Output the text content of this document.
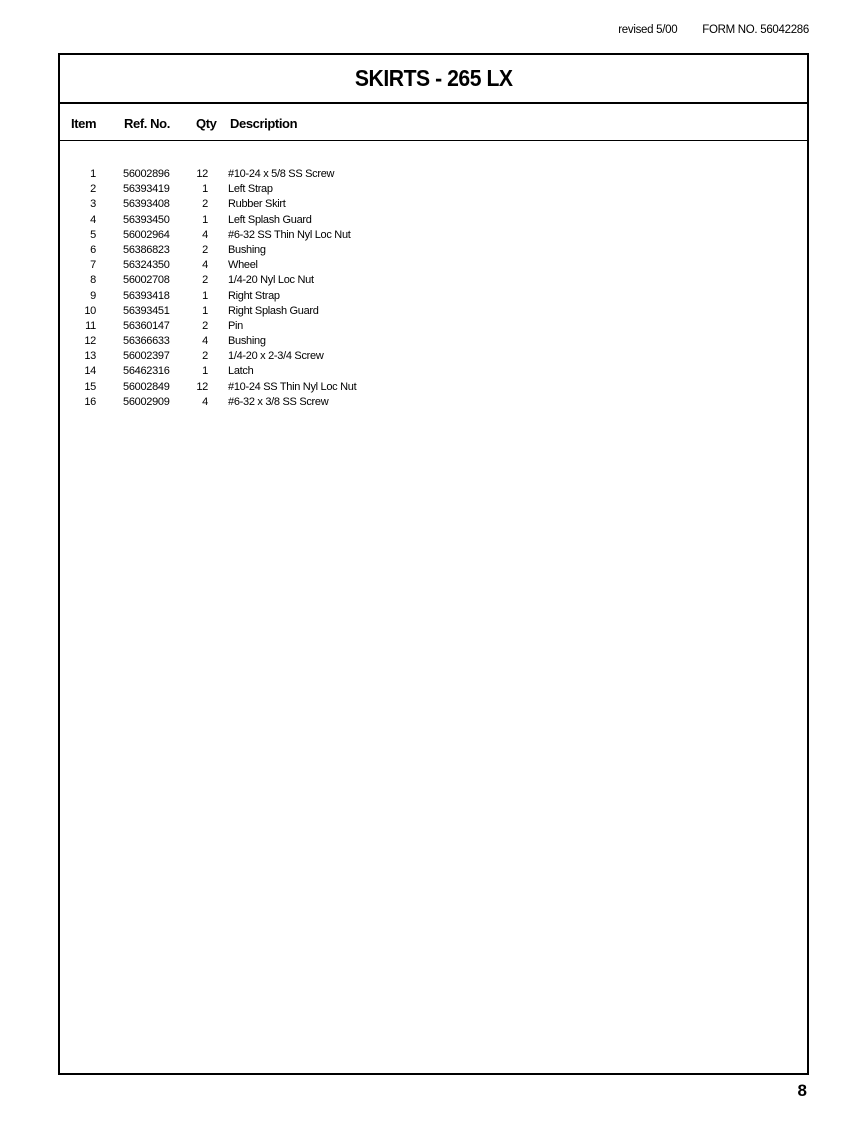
revised 5/00 FORM NO. 56042286
SKIRTS - 265 LX
Item Ref. No. Qty Description
1 56002896	12 #10-24 x 5/8 SS Screw
2 56393419	1 Left Strap
3 56393408	2 Rubber Skirt
4 56393450	1 Left Splash Guard
5 56002964	4 #6-32 SS Thin Nyl Loc Nut
6 56386823	2 Bushing
7 56324350	4 Wheel
8 56002708	2 1/4-20 Nyl Loc Nut
9 56393418	1 Right Strap
10 56393451	1 Right Splash Guard
11 56360147	2 Pin
12 56366633	4 Bushing
13 56002397	2 1/4-20 x 2-3/4 Screw
14 56462316	1 Latch
15 56002849	12 #10-24 SS Thin Nyl Loc Nut
16 56002909	4 #6-32 x 3/8 SS Screw
8
